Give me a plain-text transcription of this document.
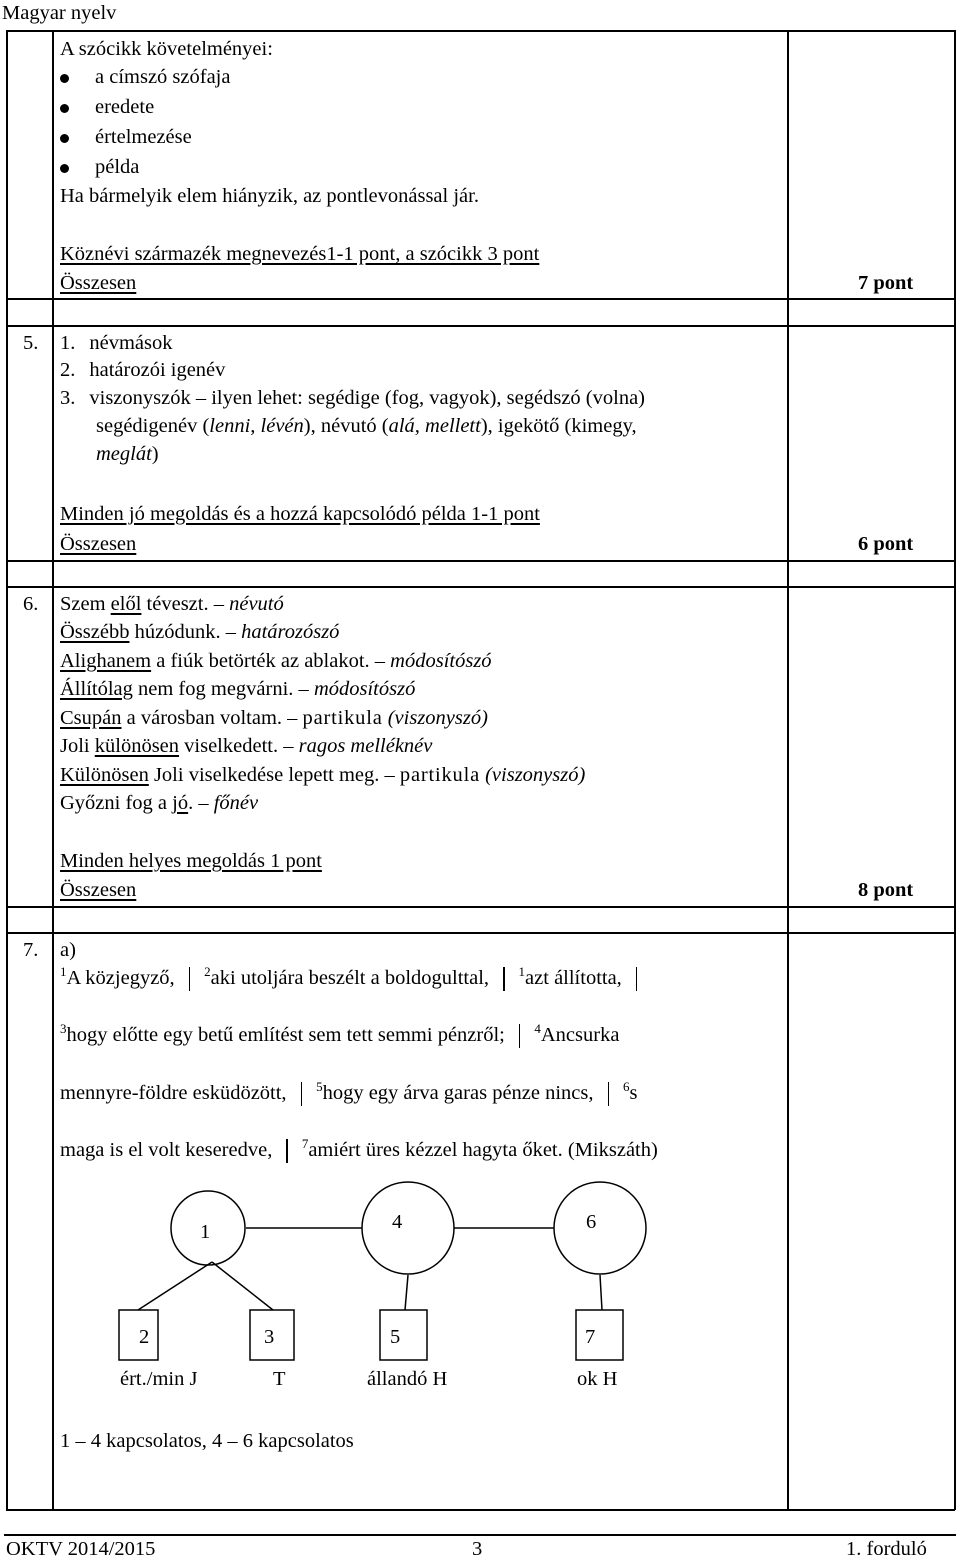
Magyar nyelv
A szócikk követelményei:
a címszó szófaja
eredete
értelmezése
példa
Ha bármelyik elem hiányzik, az pontlevonással jár.
Köznévi származék megnevezés1-1 pont, a szócikk 3 pont
Összesen	7 pont
5. 1. névmások
2. határozói igenév
3. viszonyszók – ilyen lehet: segédige (fog, vagyok), segédszó (volna)
segédigenév (lenni, lévén), névutó (alá, mellett), igekötő (kimegy,
meglát)
Minden jó megoldás és a hozzá kapcsolódó példa 1-1 pont
Összesen	6 pont
6. Szem elől téveszt. – névutó
Összébb húzódunk. – határozószó
Alighanem a fiúk betörték az ablakot. – módosítószó
Állítólag nem fog megvárni. – módosítószó
Csupán a városban voltam. – partikula (viszonyszó)
Joli különösen viselkedett. – ragos melléknév
Különösen Joli viselkedése lepett meg. – partikula (viszonyszó)
Győzni fog a jó. – főnév
Minden helyes megoldás 1 pont
Összesen	8 pont
7. a)
$^1$A közjegyző, $^2$aki utoljára beszélt a boldogulttal, $^1$azt állította,
$^3$hogy előtte egy betű említést sem tett semmi pénzről; $^4$Ancsurka
mennyre-földre esküdözött, $^5$hogy egy árva garas pénze nincs, $^6$s
maga is el volt keseredve, $^7$amiért üres kézzel hagyta őket. (Mikszáth)
1	4	6
2	3	5	7
ért./min J	T	állandó H	ok H
1 – 4 kapcsolatos, 4 – 6 kapcsolatos
OKTV 2014/2015	3	1. forduló
